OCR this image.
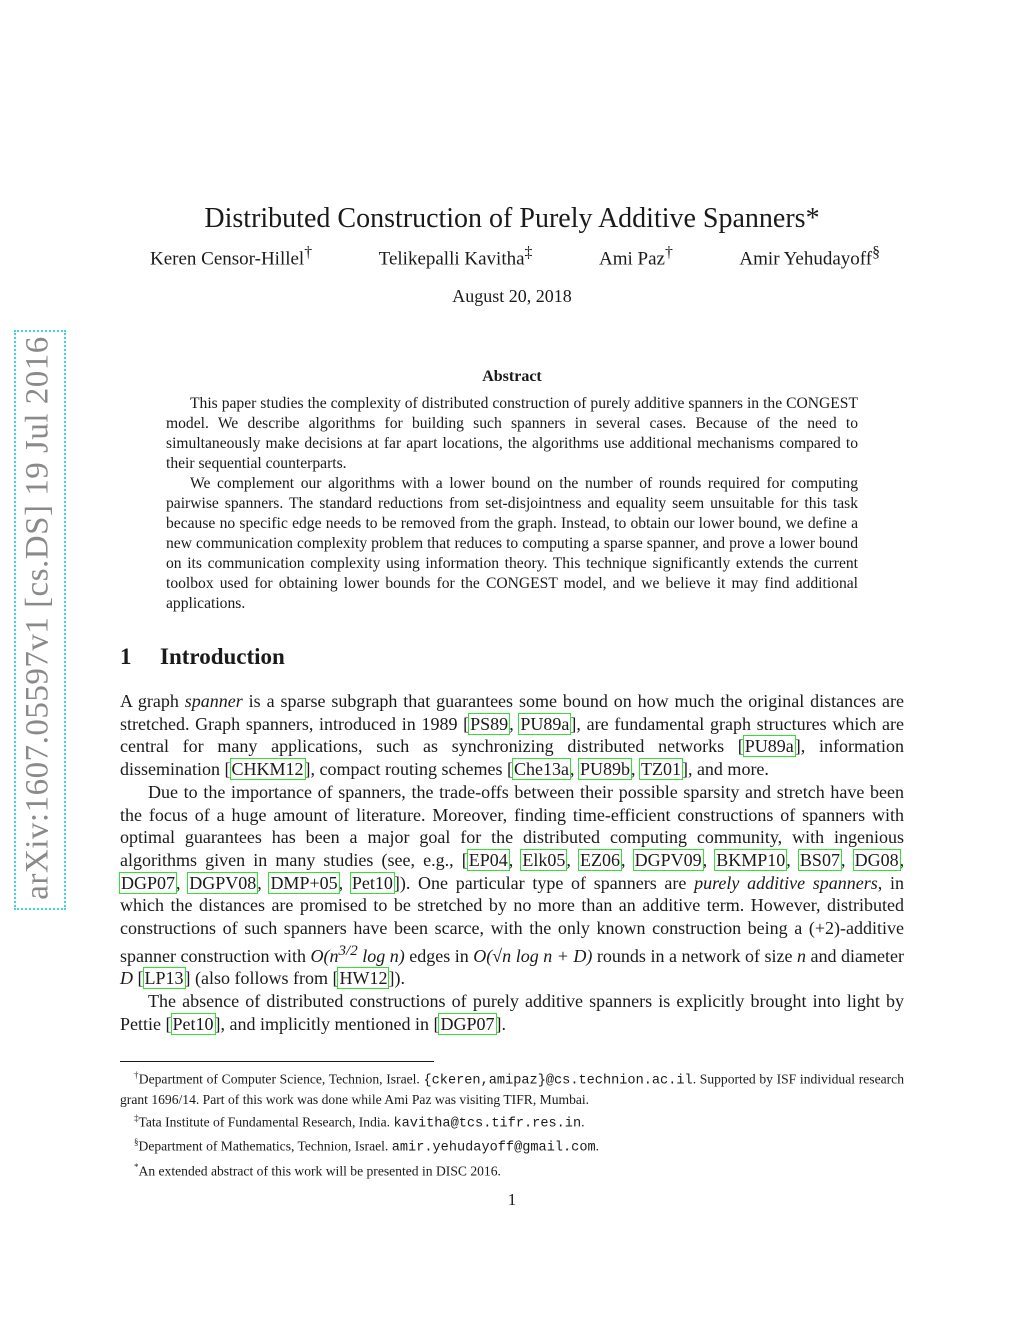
arXiv:1607.05597v1 [cs.DS] 19 Jul 2016
Distributed Construction of Purely Additive Spanners*
Keren Censor-Hillel†	Telikepalli Kavitha‡	Ami Paz†	Amir Yehudayoff§
August 20, 2018
Abstract

This paper studies the complexity of distributed construction of purely additive spanners in the CONGEST model. We describe algorithms for building such spanners in several cases. Because of the need to simultaneously make decisions at far apart locations, the algorithms use additional mechanisms compared to their sequential counterparts.

We complement our algorithms with a lower bound on the number of rounds required for computing pairwise spanners. The standard reductions from set-disjointness and equality seem unsuitable for this task because no specific edge needs to be removed from the graph. Instead, to obtain our lower bound, we define a new communication complexity problem that reduces to computing a sparse spanner, and prove a lower bound on its communication complexity using information theory. This technique significantly extends the current toolbox used for obtaining lower bounds for the CONGEST model, and we believe it may find additional applications.

1 Introduction

A graph spanner is a sparse subgraph that guarantees some bound on how much the original distances are stretched. Graph spanners, introduced in 1989 [PS89, PU89a], are fundamental graph structures which are central for many applications, such as synchronizing distributed networks [PU89a], information dissemination [CHKM12], compact routing schemes [Che13a, PU89b, TZ01], and more.

Due to the importance of spanners, the trade-offs between their possible sparsity and stretch have been the focus of a huge amount of literature. Moreover, finding time-efficient constructions of spanners with optimal guarantees has been a major goal for the distributed computing community, with ingenious algorithms given in many studies (see, e.g., [EP04, Elk05, EZ06, DGPV09, BKMP10, BS07, DG08, DGP07, DGPV08, DMP+05, Pet10]). One particular type of spanners are purely additive spanners, in which the distances are promised to be stretched by no more than an additive term. However, distributed constructions of such spanners have been scarce, with the only known construction being a (+2)-additive spanner construction with $O(n^{3/2}$ log n) edges in O(√n log n + D) rounds in a network of size n and diameter D [LP13] (also follows from [HW12]).

The absence of distributed constructions of purely additive spanners is explicitly brought into light by Pettie [Pet10], and implicitly mentioned in [DGP07].

†Department of Computer Science, Technion, Israel. {ckeren,amipaz}@cs.technion.ac.il. Supported by ISF individual research grant 1696/14. Part of this work was done while Ami Paz was visiting TIFR, Mumbai.

‡Tata Institute of Fundamental Research, India. kavitha@tcs.tifr.res.in.

§Department of Mathematics, Technion, Israel. amir.yehudayoff@gmail.com.

*An extended abstract of this work will be presented in DISC 2016.

1
